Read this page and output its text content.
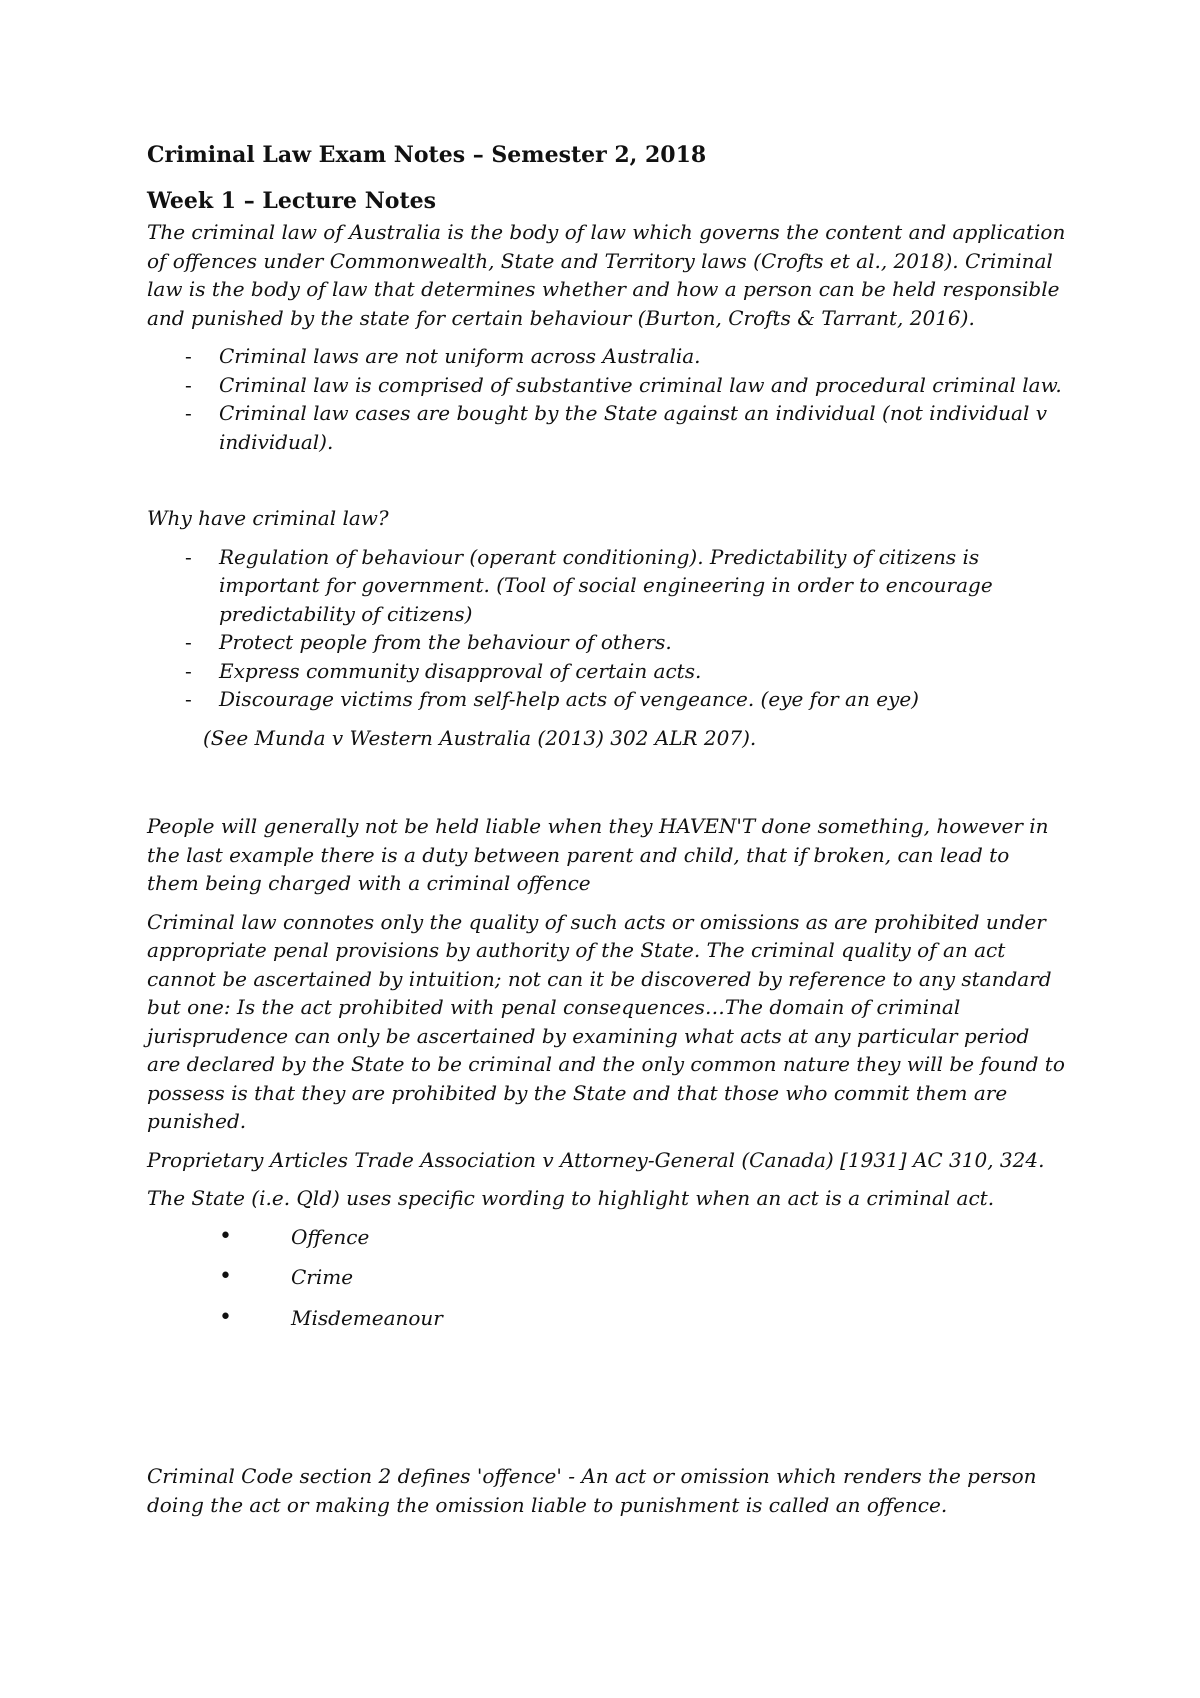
Criminal Law Exam Notes – Semester 2, 2018
Week 1 – Lecture Notes

The criminal law of Australia is the body of law which governs the content and application of offences under Commonwealth, State and Territory laws (Crofts et al., 2018). Criminal law is the body of law that determines whether and how a person can be held responsible and punished by the state for certain behaviour (Burton, Crofts & Tarrant, 2016).

- Criminal laws are not uniform across Australia.
- Criminal law is comprised of substantive criminal law and procedural criminal law.
- Criminal law cases are bought by the State against an individual (not individual v individual).

Why have criminal law?

- Regulation of behaviour (operant conditioning). Predictability of citizens is important for government. (Tool of social engineering in order to encourage predictability of citizens)
- Protect people from the behaviour of others.
- Express community disapproval of certain acts.
- Discourage victims from self-help acts of vengeance. (eye for an eye)

(See Munda v Western Australia (2013) 302 ALR 207).

People will generally not be held liable when they HAVEN'T done something, however in the last example there is a duty between parent and child, that if broken, can lead to them being charged with a criminal offence

Criminal law connotes only the quality of such acts or omissions as are prohibited under appropriate penal provisions by authority of the State. The criminal quality of an act cannot be ascertained by intuition; not can it be discovered by reference to any standard but one: Is the act prohibited with penal consequences…The domain of criminal jurisprudence can only be ascertained by examining what acts at any particular period are declared by the State to be criminal and the only common nature they will be found to possess is that they are prohibited by the State and that those who commit them are punished.

Proprietary Articles Trade Association v Attorney-General (Canada) [1931] AC 310, 324.

The State (i.e. Qld) uses specific wording to highlight when an act is a criminal act.

•	Offence
•	Crime
•	Misdemeanour

Criminal Code section 2 defines 'offence' - An act or omission which renders the person doing the act or making the omission liable to punishment is called an offence.
